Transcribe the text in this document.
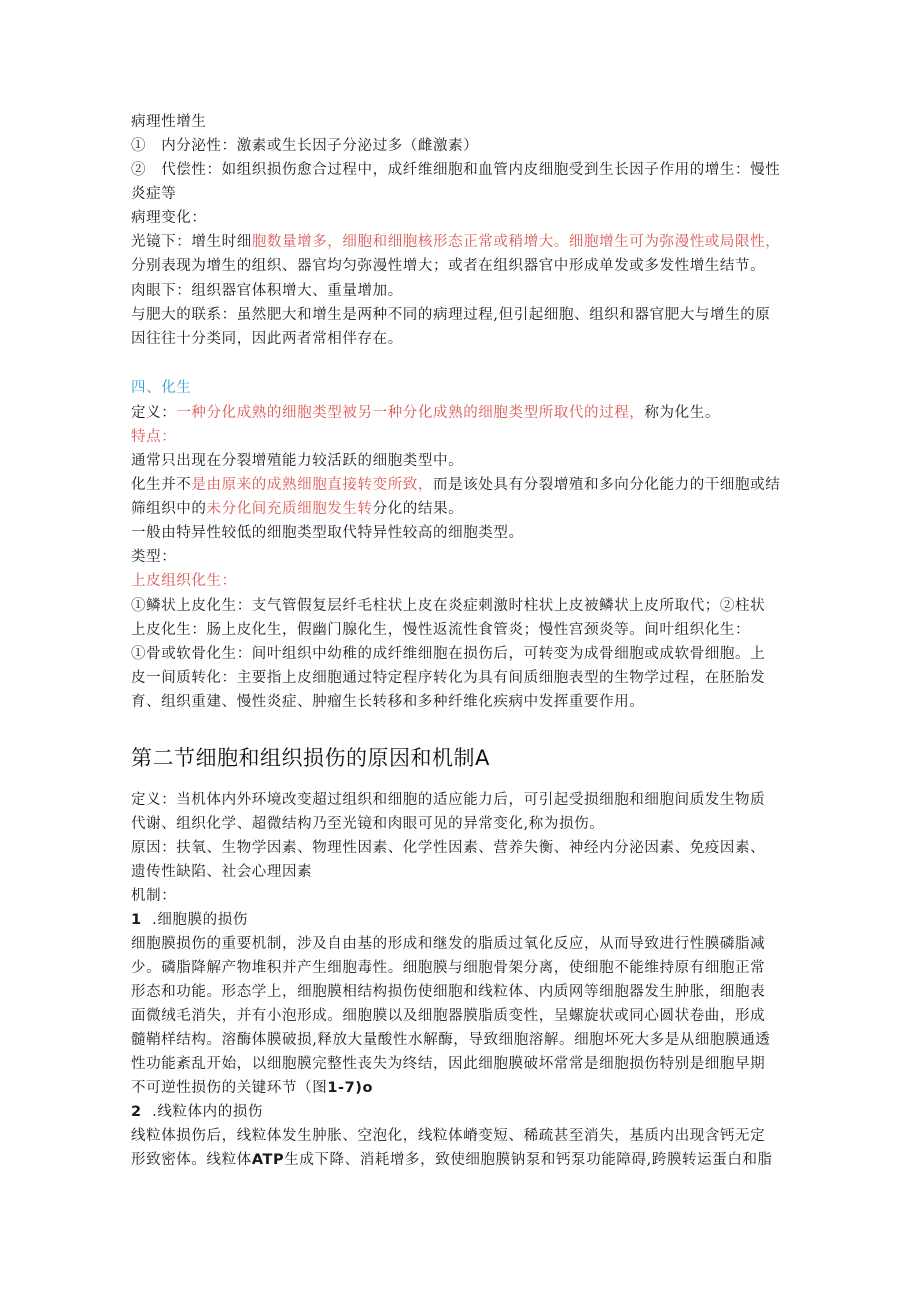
病理性增生
①　内分泌性：激素或生长因子分泌过多（雌激素）
②　代偿性：如组织损伤愈合过程中，成纤维细胞和血管内皮细胞受到生长因子作用的增生：慢性
炎症等
病理变化：
光镜下：增生时细胞数量增多，细胞和细胞核形态正常或稍增大。细胞增生可为弥漫性或局限性，
分别表现为增生的组织、器官均匀弥漫性增大；或者在组织器官中形成单发或多发性增生结节。
肉眼下：组织器官体积增大、重量增加。
与肥大的联系：虽然肥大和增生是两种不同的病理过程,但引起细胞、组织和器官肥大与增生的原
因往往十分类同，因此两者常相伴存在。
四、化生
定义：一种分化成熟的细胞类型被另一种分化成熟的细胞类型所取代的过程，称为化生。
特点：
通常只出现在分裂增殖能力较活跃的细胞类型中。
化生并不是由原来的成熟细胞直接转变所致，而是该处具有分裂增殖和多向分化能力的干细胞或结
筛组织中的未分化间充质细胞发生转分化的结果。
一般由特异性较低的细胞类型取代特异性较高的细胞类型。
类型：
上皮组织化生：
①鳞状上皮化生：支气管假复层纤毛柱状上皮在炎症刺激时柱状上皮被鳞状上皮所取代；②柱状
上皮化生：肠上皮化生，假幽门腺化生，慢性返流性食管炎；慢性宫颈炎等。间叶组织化生：
①骨或软骨化生：间叶组织中幼稚的成纤维细胞在损伤后，可转变为成骨细胞或成软骨细胞。上
皮一间质转化：主要指上皮细胞通过特定程序转化为具有间质细胞表型的生物学过程，在胚胎发
育、组织重建、慢性炎症、肿瘤生长转移和多种纤维化疾病中发挥重要作用。
第二节细胞和组织损伤的原因和机制A
定义：当机体内外环境改变超过组织和细胞的适应能力后，可引起受损细胞和细胞间质发生物质
代谢、组织化学、超微结构乃至光镜和肉眼可见的异常变化,称为损伤。
原因：扶氧、生物学因素、物理性因素、化学性因素、营养失衡、神经内分泌因素、免疫因素、
遗传性缺陷、社会心理因素
机制：
1  .细胞膜的损伤
细胞膜损伤的重要机制，涉及自由基的形成和继发的脂质过氧化反应，从而导致进行性膜磷脂减
少。磷脂降解产物堆积并产生细胞毒性。细胞膜与细胞骨架分离，使细胞不能维持原有细胞正常
形态和功能。形态学上，细胞膜相结构损伤使细胞和线粒体、内质网等细胞器发生肿胀，细胞表
面微绒毛消失，并有小泡形成。细胞膜以及细胞器膜脂质变性，呈螺旋状或同心圆状卷曲，形成
髓鞘样结构。溶酶体膜破损,释放大量酸性水解酶，导致细胞溶解。细胞坏死大多是从细胞膜通透
性功能紊乱开始，以细胞膜完整性丧失为终结，因此细胞膜破坏常常是细胞损伤特别是细胞早期
不可逆性损伤的关键环节（图1-7)o
2  .线粒体内的损伤
线粒体损伤后，线粒体发生肿胀、空泡化，线粒体嵴变短、稀疏甚至消失，基质内出现含钙无定
形致密体。线粒体ATP生成下降、消耗增多，致使细胞膜钠泵和钙泵功能障碍,跨膜转运蛋白和脂
